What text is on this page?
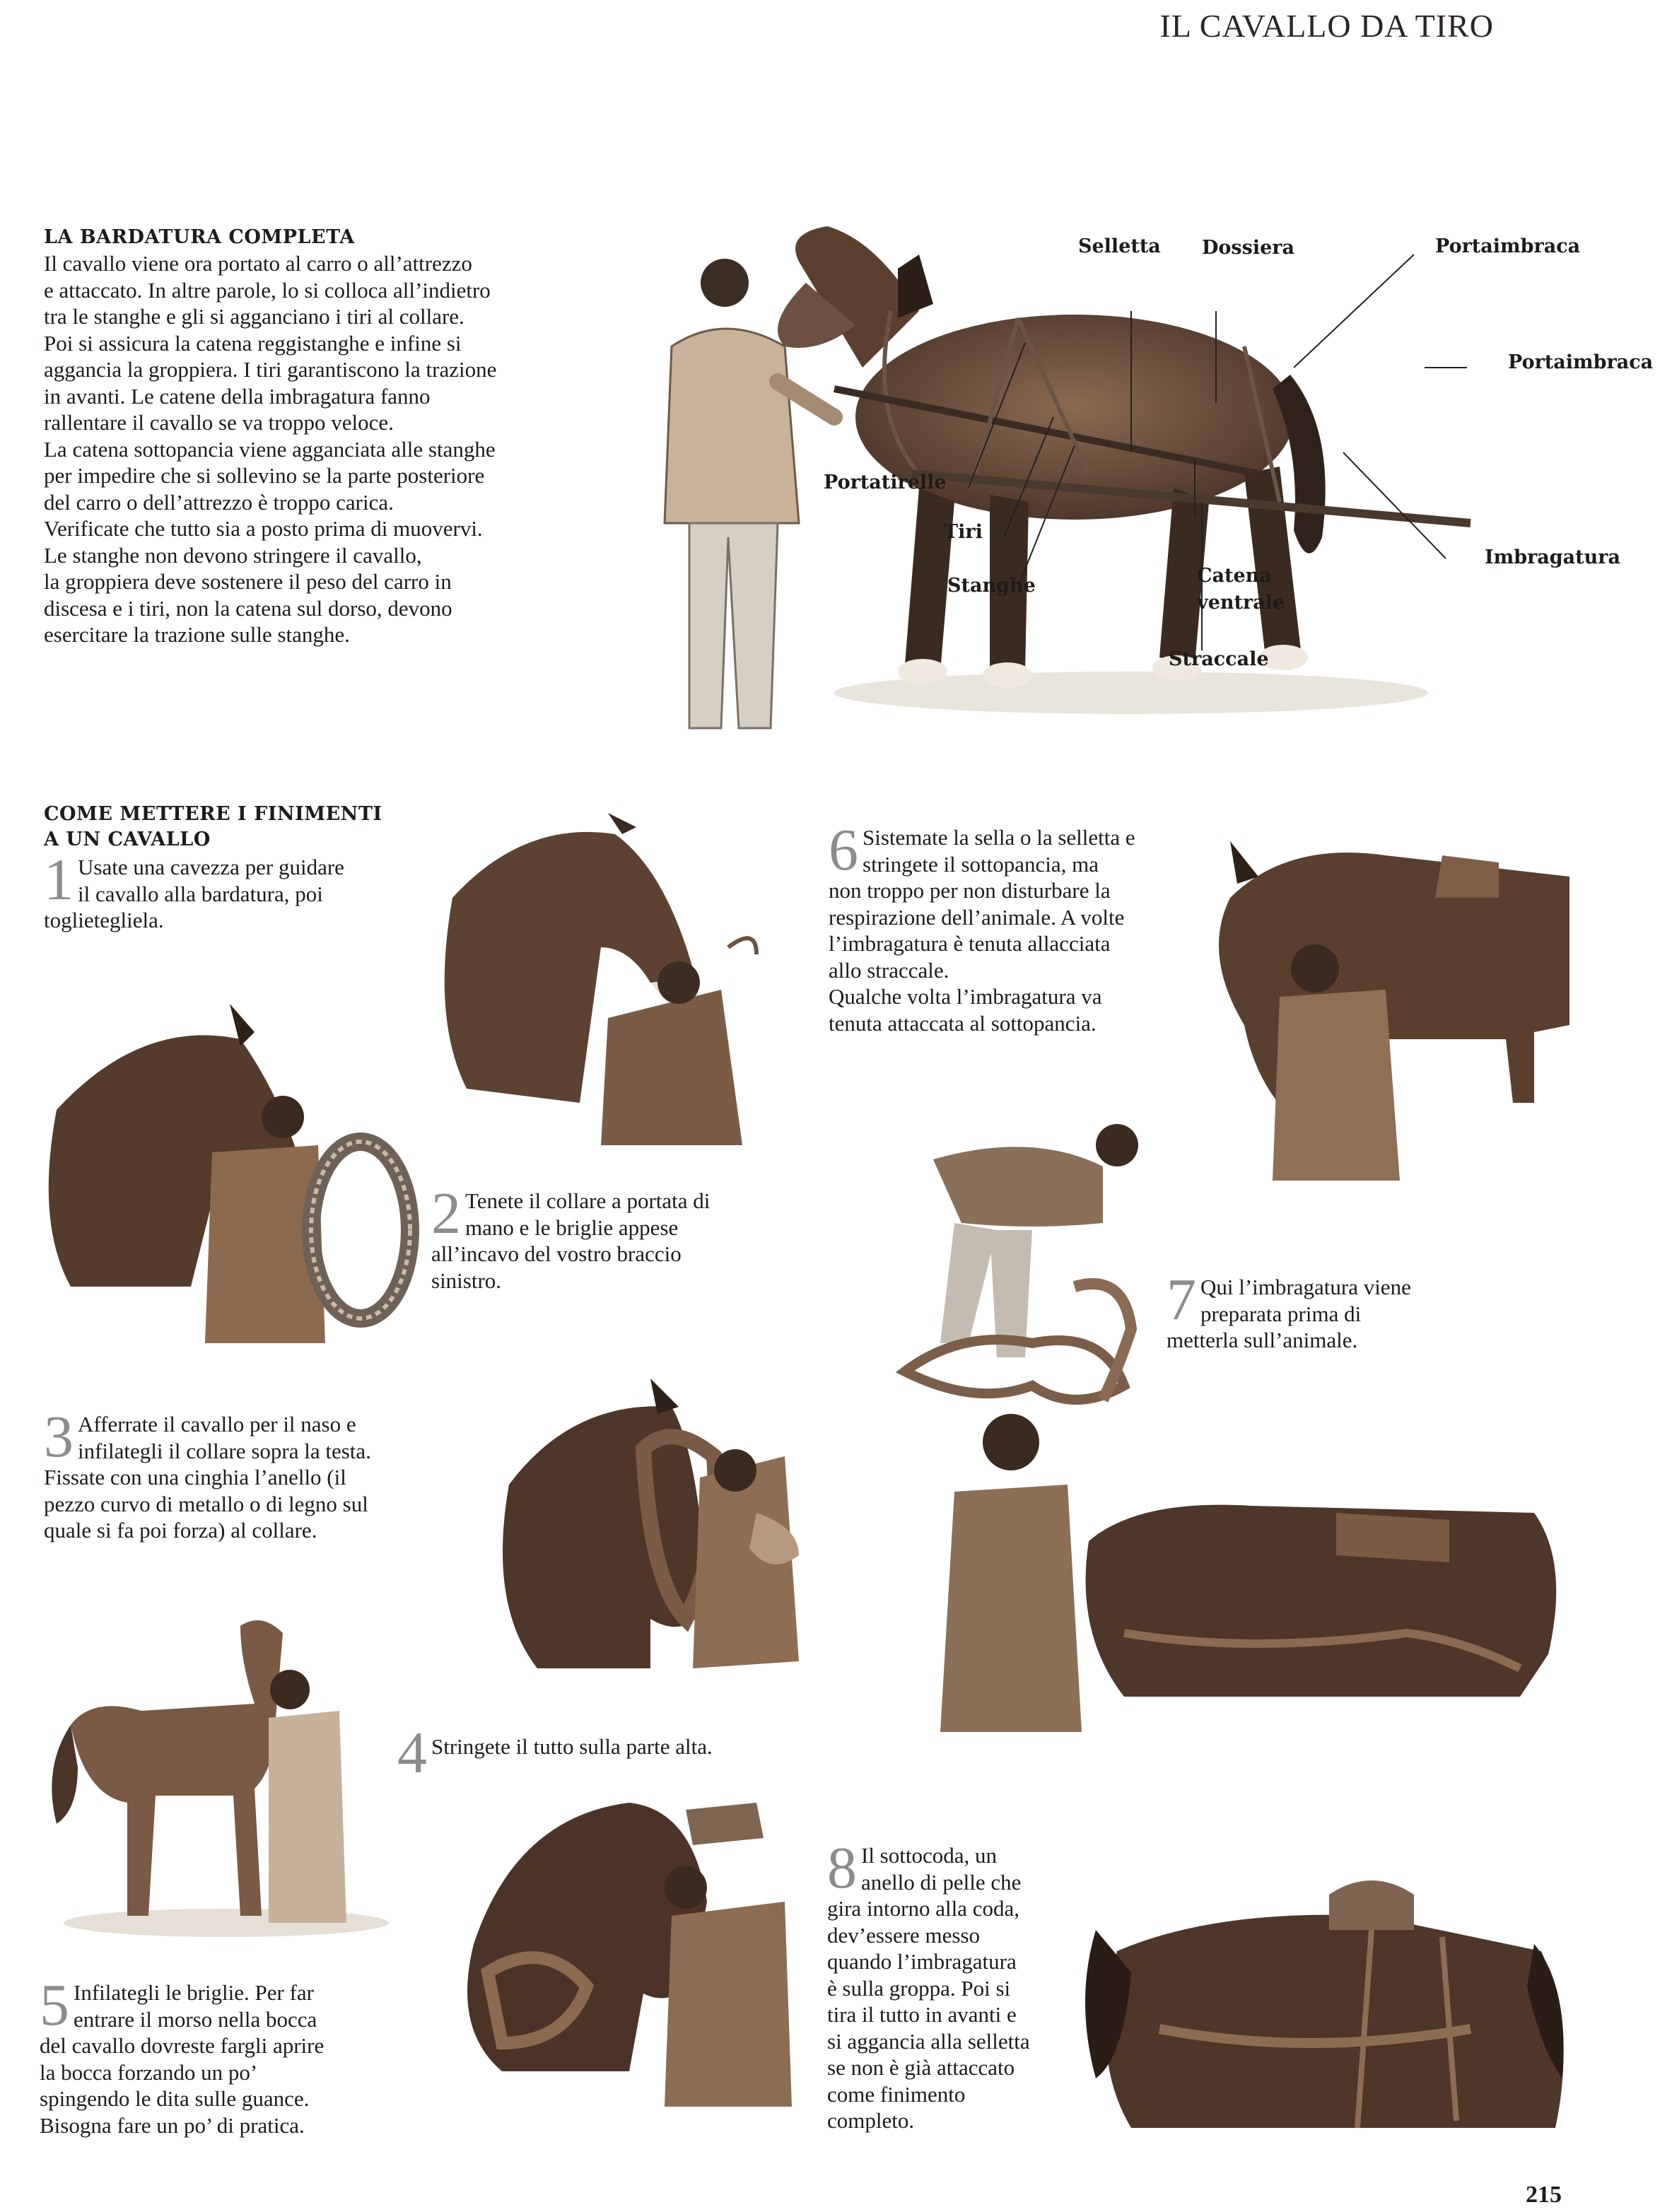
IL CAVALLO DA TIRO
215
LA BARDATURA COMPLETA
Il cavallo viene ora portato al carro o all’attrezzo
e attaccato. In altre parole, lo si colloca all’indietro
tra le stanghe e gli si agganciano i tiri al collare.
Poi si assicura la catena reggistanghe e infine si
aggancia la groppiera. I tiri garantiscono la trazione
in avanti. Le catene della imbragatura fanno
rallentare il cavallo se va troppo veloce.
La catena sottopancia viene agganciata alle stanghe
per impedire che si sollevino se la parte posteriore
del carro o dell’attrezzo è troppo carica.
Verificate che tutto sia a posto prima di muovervi.
Le stanghe non devono stringere il cavallo,
la groppiera deve sostenere il peso del carro in
discesa e i tiri, non la catena sul dorso, devono
esercitare la trazione sulle stanghe.
Selletta Dossiera	Portaimbraca
Portaimbraca
Portatirelle
Tiri
Stanghe	Catena
ventrale
Straccale
Imbragatura
COME METTERE I FINIMENTI
A UN CAVALLO
1 Usate una cavezza per guidare
il cavallo alla bardatura, poi
toglietegliela.
2 Tenete il collare a portata di
mano e le briglie appese
all’incavo del vostro braccio
sinistro.
3 Afferrate il cavallo per il naso e
infilategli il collare sopra la testa.
Fissate con una cinghia l’anello (il
pezzo curvo di metallo o di legno sul
quale si fa poi forza) al collare.
4 Stringete il tutto sulla parte alta.
5 Infilategli le briglie. Per far
entrare il morso nella bocca
del cavallo dovreste fargli aprire
la bocca forzando un po’
spingendo le dita sulle guance.
Bisogna fare un po’ di pratica.
6 Sistemate la sella o la selletta e
stringete il sottopancia, ma
non troppo per non disturbare la
respirazione dell’animale. A volte
l’imbragatura è tenuta allacciata
allo straccale.
Qualche volta l’imbragatura va
tenuta attaccata al sottopancia.
7 Qui l’imbragatura viene
preparata prima di
metterla sull’animale.
8 Il sottocoda, un
anello di pelle che
gira intorno alla coda,
dev’essere messo
quando l’imbragatura
è sulla groppa. Poi si
tira il tutto in avanti e
si aggancia alla selletta
se non è già attaccato
come finimento
completo.
